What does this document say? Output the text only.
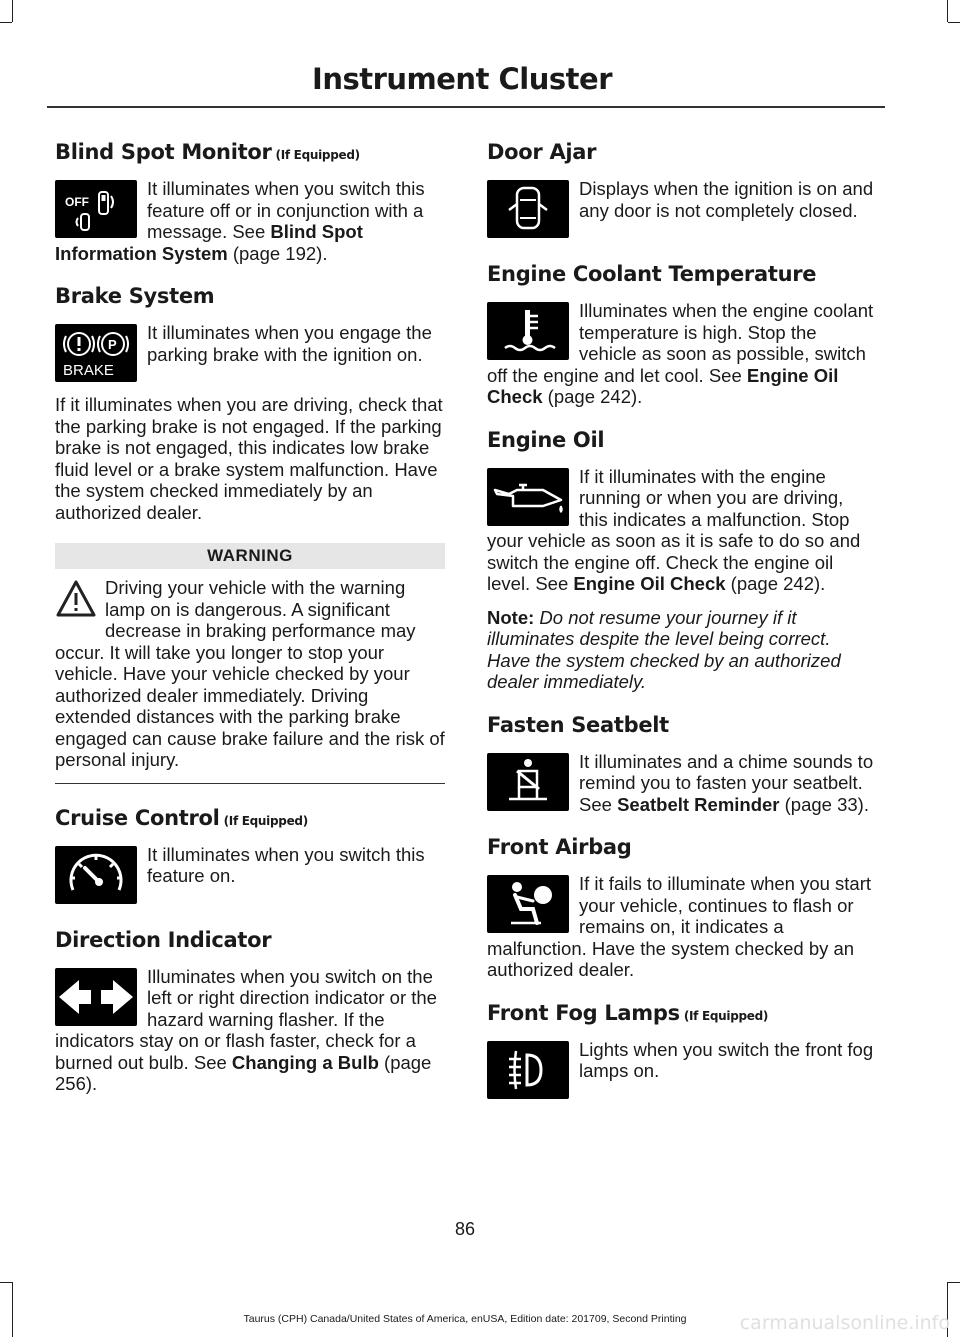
Instrument Cluster
Blind Spot Monitor (If Equipped)
OFF

It illuminates when you switch this feature off or in conjunction with a message. See Blind Spot Information System (page 192).

Brake System
P
BRAKE

It illuminates when you engage the parking brake with the ignition on.

If it illuminates when you are driving, check that the parking brake is not engaged. If the parking brake is not engaged, this indicates low brake fluid level or a brake system malfunction. Have the system checked immediately by an authorized dealer.

WARNING

Driving your vehicle with the warning lamp on is dangerous. A significant decrease in braking performance may occur. It will take you longer to stop your vehicle. Have your vehicle checked by your authorized dealer immediately. Driving extended distances with the parking brake engaged can cause brake failure and the risk of personal injury.

Cruise Control (If Equipped)

It illuminates when you switch this feature on.

Direction Indicator

Illuminates when you switch on the left or right direction indicator or the hazard warning flasher. If the indicators stay on or flash faster, check for a burned out bulb. See Changing a Bulb (page 256).

Door Ajar

Displays when the ignition is on and any door is not completely closed.

Engine Coolant Temperature

Illuminates when the engine coolant temperature is high. Stop the vehicle as soon as possible, switch off the engine and let cool. See Engine Oil Check (page 242).

Engine Oil

If it illuminates with the engine running or when you are driving, this indicates a malfunction. Stop your vehicle as soon as it is safe to do so and switch the engine off. Check the engine oil level. See Engine Oil Check (page 242).

Note: Do not resume your journey if it illuminates despite the level being correct. Have the system checked by an authorized dealer immediately.

Fasten Seatbelt

It illuminates and a chime sounds to remind you to fasten your seatbelt. See Seatbelt Reminder (page 33).

Front Airbag

If it fails to illuminate when you start your vehicle, continues to flash or remains on, it indicates a malfunction. Have the system checked by an authorized dealer.

Front Fog Lamps (If Equipped)

Lights when you switch the front fog lamps on.

86
Taurus (CPH) Canada/United States of America, enUSA, Edition date: 201709, Second Printing	carmanualsonline.info
